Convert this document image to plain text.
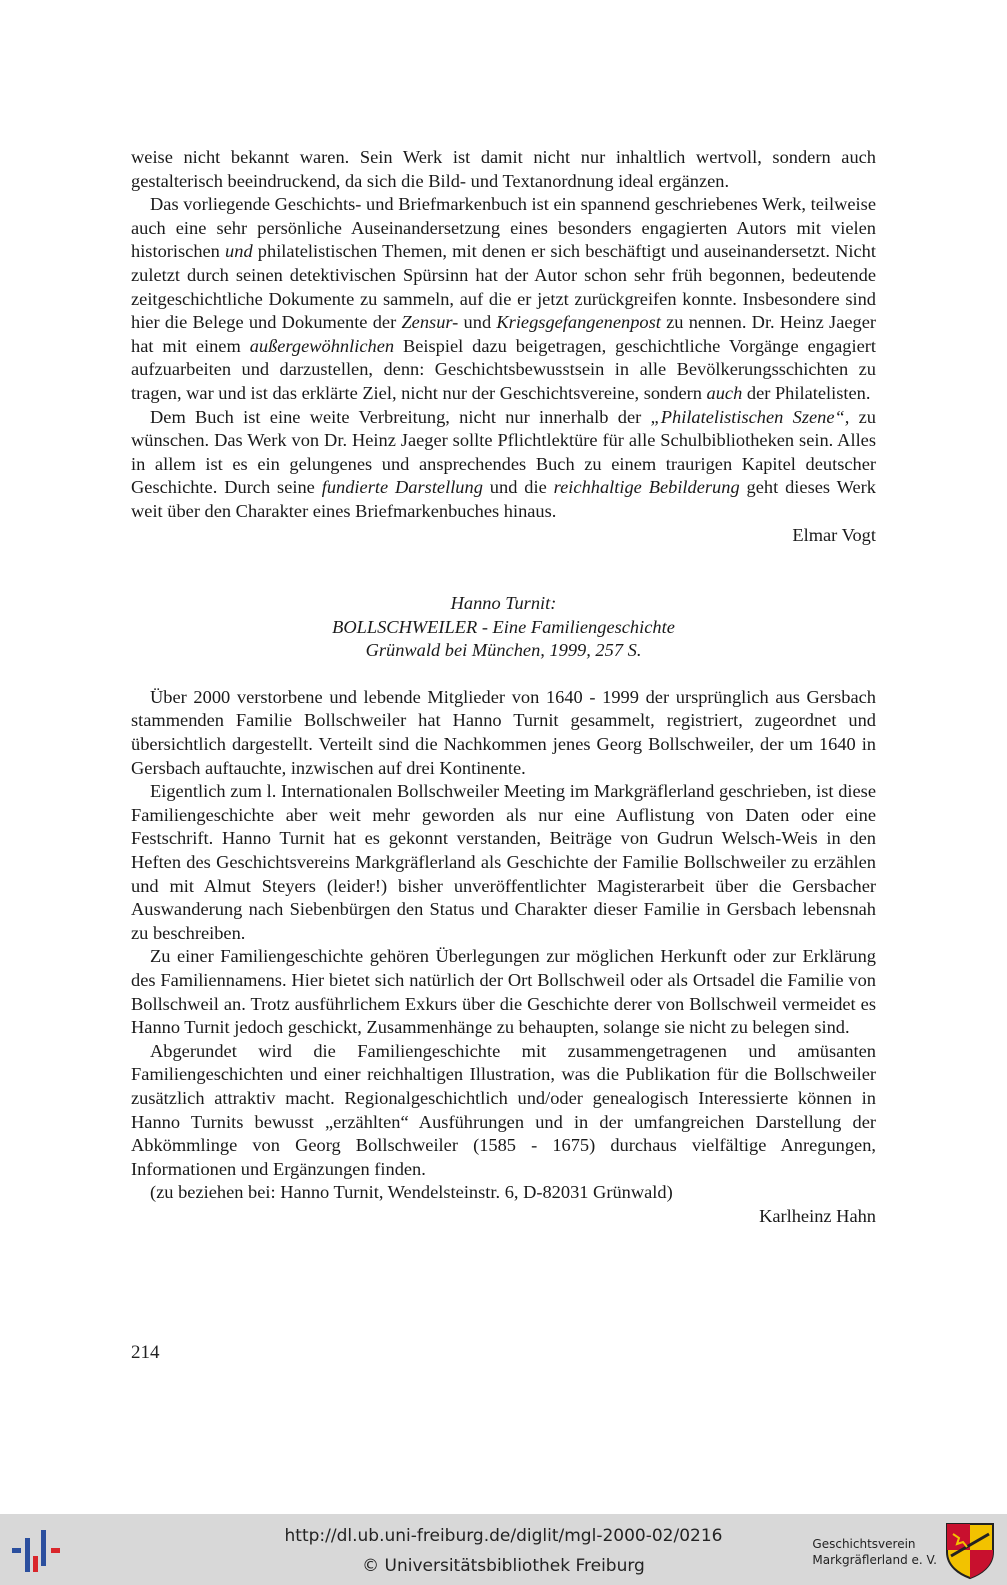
weise nicht bekannt waren. Sein Werk ist damit nicht nur inhaltlich wertvoll, sondern auch gestalterisch beeindruckend, da sich die Bild- und Textanordnung ideal ergänzen.

Das vorliegende Geschichts- und Briefmarkenbuch ist ein spannend geschriebenes Werk, teilweise auch eine sehr persönliche Auseinandersetzung eines besonders engagierten Autors mit vielen historischen und philatelistischen Themen, mit denen er sich beschäftigt und auseinandersetzt. Nicht zuletzt durch seinen detektivischen Spürsinn hat der Autor schon sehr früh begonnen, bedeutende zeitgeschichtliche Dokumente zu sammeln, auf die er jetzt zurückgreifen konnte. Insbesondere sind hier die Belege und Dokumente der Zensur- und Kriegsgefangenenpost zu nennen. Dr. Heinz Jaeger hat mit einem außergewöhnlichen Beispiel dazu beigetragen, geschichtliche Vorgänge engagiert aufzuarbeiten und darzustellen, denn: Geschichtsbewusstsein in alle Bevölkerungsschichten zu tragen, war und ist das erklärte Ziel, nicht nur der Geschichtsvereine, sondern auch der Philatelisten.

Dem Buch ist eine weite Verbreitung, nicht nur innerhalb der „Philatelistischen Szene“, zu wünschen. Das Werk von Dr. Heinz Jaeger sollte Pflichtlektüre für alle Schulbibliotheken sein. Alles in allem ist es ein gelungenes und ansprechendes Buch zu einem traurigen Kapitel deutscher Geschichte. Durch seine fundierte Darstellung und die reichhaltige Bebilderung geht dieses Werk weit über den Charakter eines Briefmarkenbuches hinaus.

Elmar Vogt

Hanno Turnit:
BOLLSCHWEILER - Eine Familiengeschichte
Grünwald bei München, 1999, 257 S.

Über 2000 verstorbene und lebende Mitglieder von 1640 - 1999 der ursprünglich aus Gersbach stammenden Familie Bollschweiler hat Hanno Turnit gesammelt, registriert, zugeordnet und übersichtlich dargestellt. Verteilt sind die Nachkommen jenes Georg Bollschweiler, der um 1640 in Gersbach auftauchte, inzwischen auf drei Kontinente.

Eigentlich zum l. Internationalen Bollschweiler Meeting im Markgräflerland geschrieben, ist diese Familiengeschichte aber weit mehr geworden als nur eine Auflistung von Daten oder eine Festschrift. Hanno Turnit hat es gekonnt verstanden, Beiträge von Gudrun Welsch-Weis in den Heften des Geschichtsvereins Markgräflerland als Geschichte der Familie Bollschweiler zu erzählen und mit Almut Steyers (leider!) bisher unveröffentlichter Magisterarbeit über die Gersbacher Auswanderung nach Siebenbürgen den Status und Charakter dieser Familie in Gersbach lebensnah zu beschreiben.

Zu einer Familiengeschichte gehören Überlegungen zur möglichen Herkunft oder zur Erklärung des Familiennamens. Hier bietet sich natürlich der Ort Bollschweil oder als Ortsadel die Familie von Bollschweil an. Trotz ausführlichem Exkurs über die Geschichte derer von Bollschweil vermeidet es Hanno Turnit jedoch geschickt, Zusammenhänge zu behaupten, solange sie nicht zu belegen sind.

Abgerundet wird die Familiengeschichte mit zusammengetragenen und amüsanten Familiengeschichten und einer reichhaltigen Illustration, was die Publikation für die Bollschweiler zusätzlich attraktiv macht. Regionalgeschichtlich und/oder genealogisch Interessierte können in Hanno Turnits bewusst „erzählten“ Ausführungen und in der umfangreichen Darstellung der Abkömmlinge von Georg Bollschweiler (1585 - 1675) durchaus vielfältige Anregungen, Informationen und Ergänzungen finden.

(zu beziehen bei: Hanno Turnit, Wendelsteinstr. 6, D-82031 Grünwald)

Karlheinz Hahn

214
http://dl.ub.uni-freiburg.de/diglit/mgl-2000-02/0216
© Universitätsbibliothek Freiburg
Geschichtsverein
Markgräflerland e. V.
